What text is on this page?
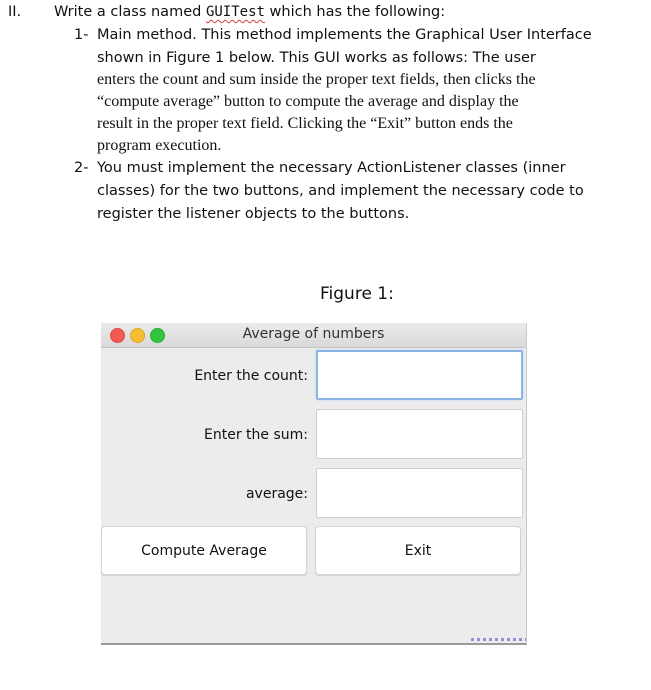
II. Write a class named GUITest which has the following:
1- Main method. This method implements the Graphical User Interface
shown in Figure 1 below. This GUI works as follows: The user
enters the count and sum inside the proper text fields, then clicks the
“compute average” button to compute the average and display the
result in the proper text field. Clicking the “Exit” button ends the
program execution.
2- You must implement the necessary ActionListener classes (inner
classes) for the two buttons, and implement the necessary code to
register the listener objects to the buttons.
Figure 1:
Average of numbers
Enter the count:
Enter the sum:
average:
Compute Average	Exit
